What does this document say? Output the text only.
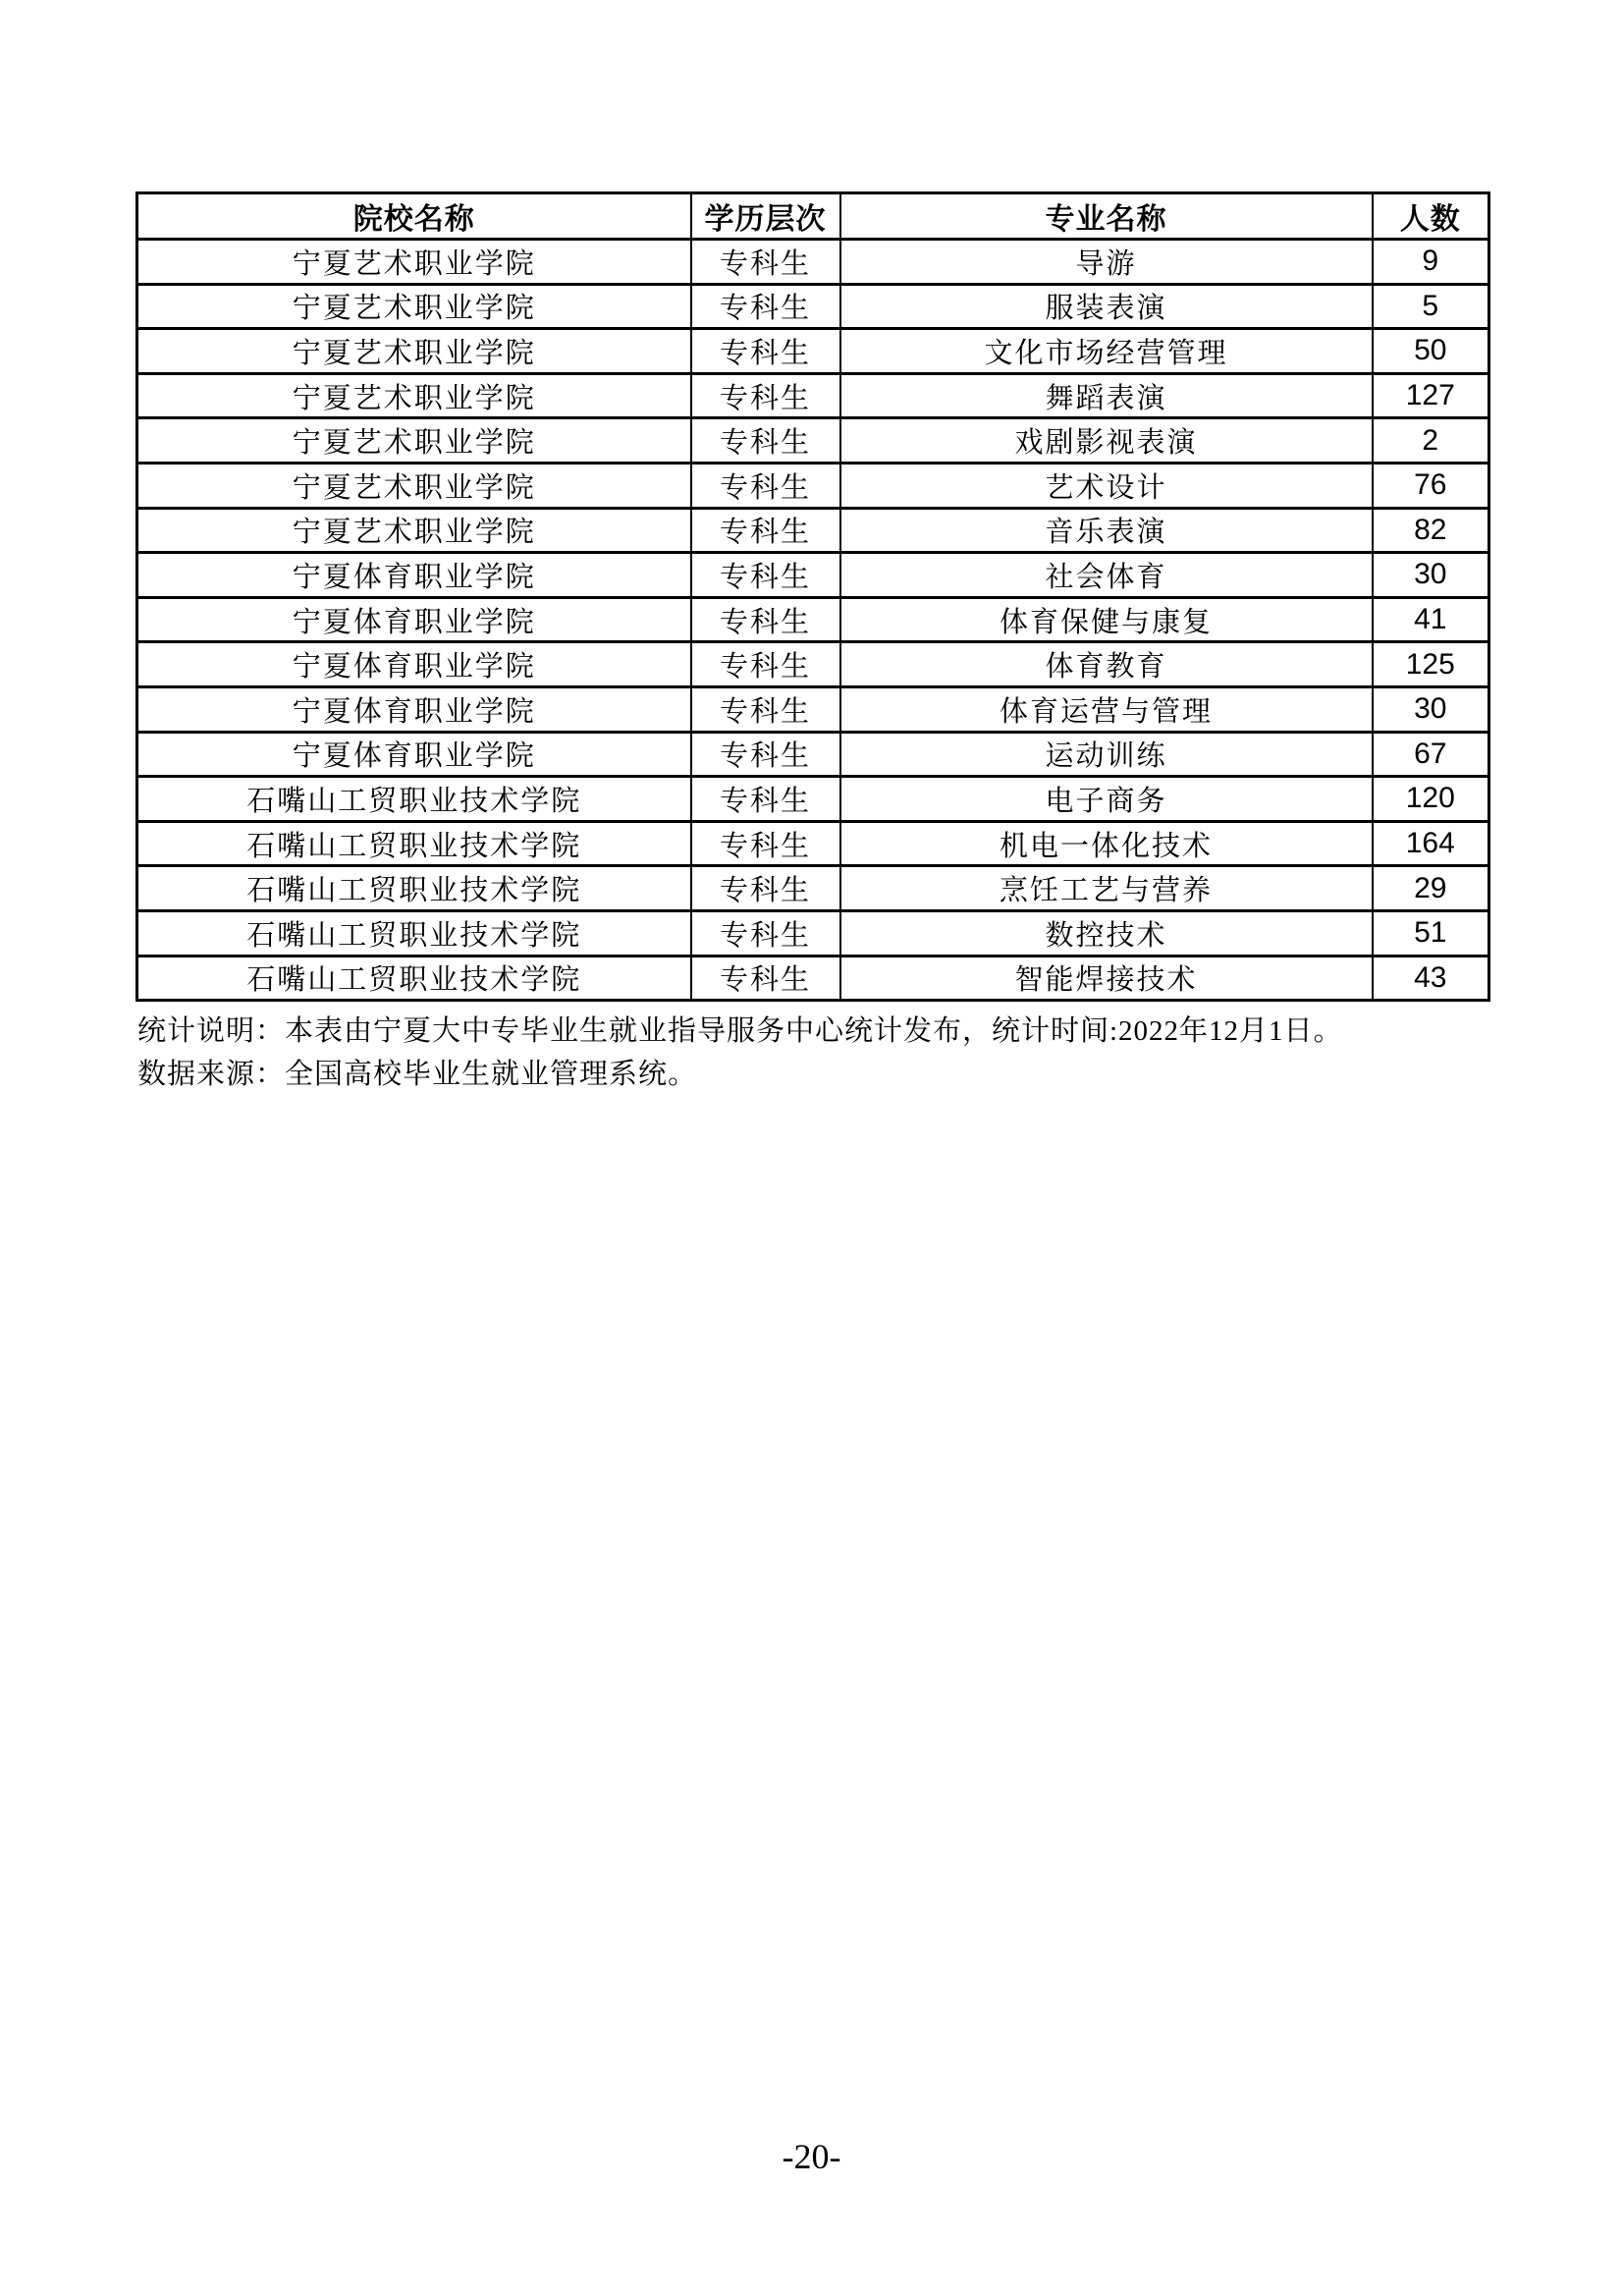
院校名称	学历层次	专业名称	人数
宁夏艺术职业学院	专科生	导游	9
宁夏艺术职业学院	专科生	服装表演	5
宁夏艺术职业学院	专科生	文化市场经营管理	50
宁夏艺术职业学院	专科生	舞蹈表演	127
宁夏艺术职业学院	专科生	戏剧影视表演	2
宁夏艺术职业学院	专科生	艺术设计	76
宁夏艺术职业学院	专科生	音乐表演	82
宁夏体育职业学院	专科生	社会体育	30
宁夏体育职业学院	专科生	体育保健与康复	41
宁夏体育职业学院	专科生	体育教育	125
宁夏体育职业学院	专科生	体育运营与管理	30
宁夏体育职业学院	专科生	运动训练	67
石嘴山工贸职业技术学院	专科生	电子商务	120
石嘴山工贸职业技术学院	专科生	机电一体化技术	164
石嘴山工贸职业技术学院	专科生	烹饪工艺与营养	29
石嘴山工贸职业技术学院	专科生	数控技术	51
石嘴山工贸职业技术学院	专科生	智能焊接技术	43
统计说明：本表由宁夏大中专毕业生就业指导服务中心统计发布，统计时间:2022年12月1日。
数据来源：全国高校毕业生就业管理系统。
-20-
